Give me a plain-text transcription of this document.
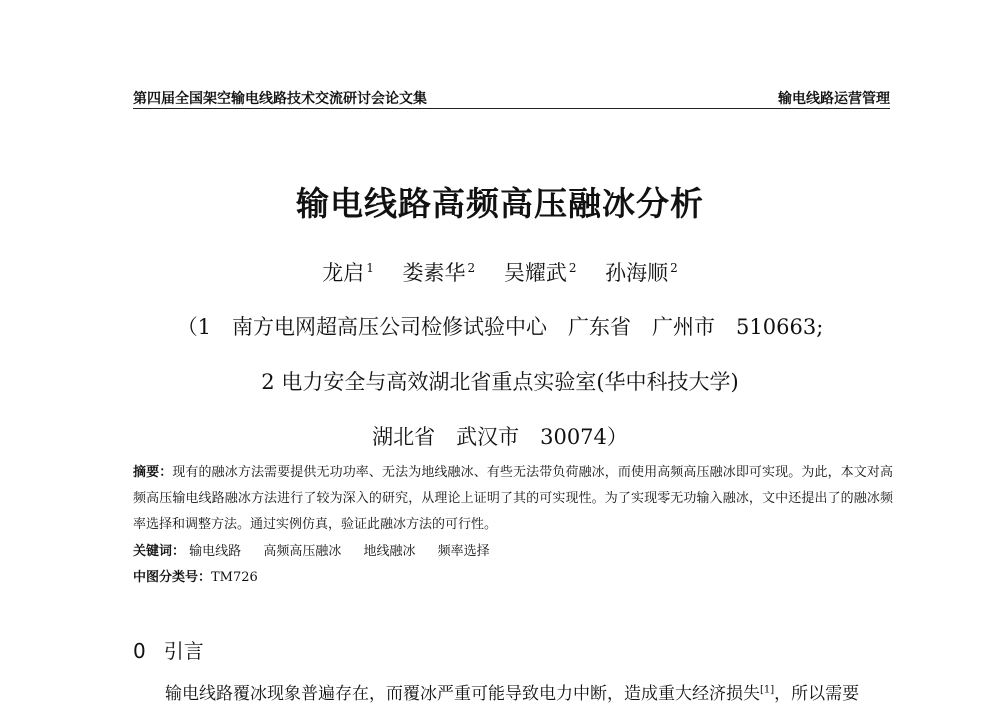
第四届全国架空输电线路技术交流研讨会论文集	输电线路运营管理
输电线路高频高压融冰分析
龙启 $^1$ 娄素华 $^2$ 吴耀武 $^2$ 孙海顺 $^2$
（1　南方电网超高压公司检修试验中心　广东省　广州市　510663;
2 电力安全与高效湖北省重点实验室(华中科技大学)
湖北省　武汉市　30074）
摘要：现有的融冰方法需要提供无功功率、无法为地线融冰、有些无法带负荷融冰，而使用高频高压融冰即可实现。为此，本文对高频高压输电线路融冰方法进行了较为深入的研究，从理论上证明了其的可实现性。为了实现零无功输入融冰，文中还提出了的融冰频率选择和调整方法。通过实例仿真，验证此融冰方法的可行性。
关键词： 输电线路 高频高压融冰 地线融冰 频率选择
中图分类号：TM726
0 引言
输电线路覆冰现象普遍存在，而覆冰严重可能导致电力中断，造成重大经济损失[1]，所以需要
